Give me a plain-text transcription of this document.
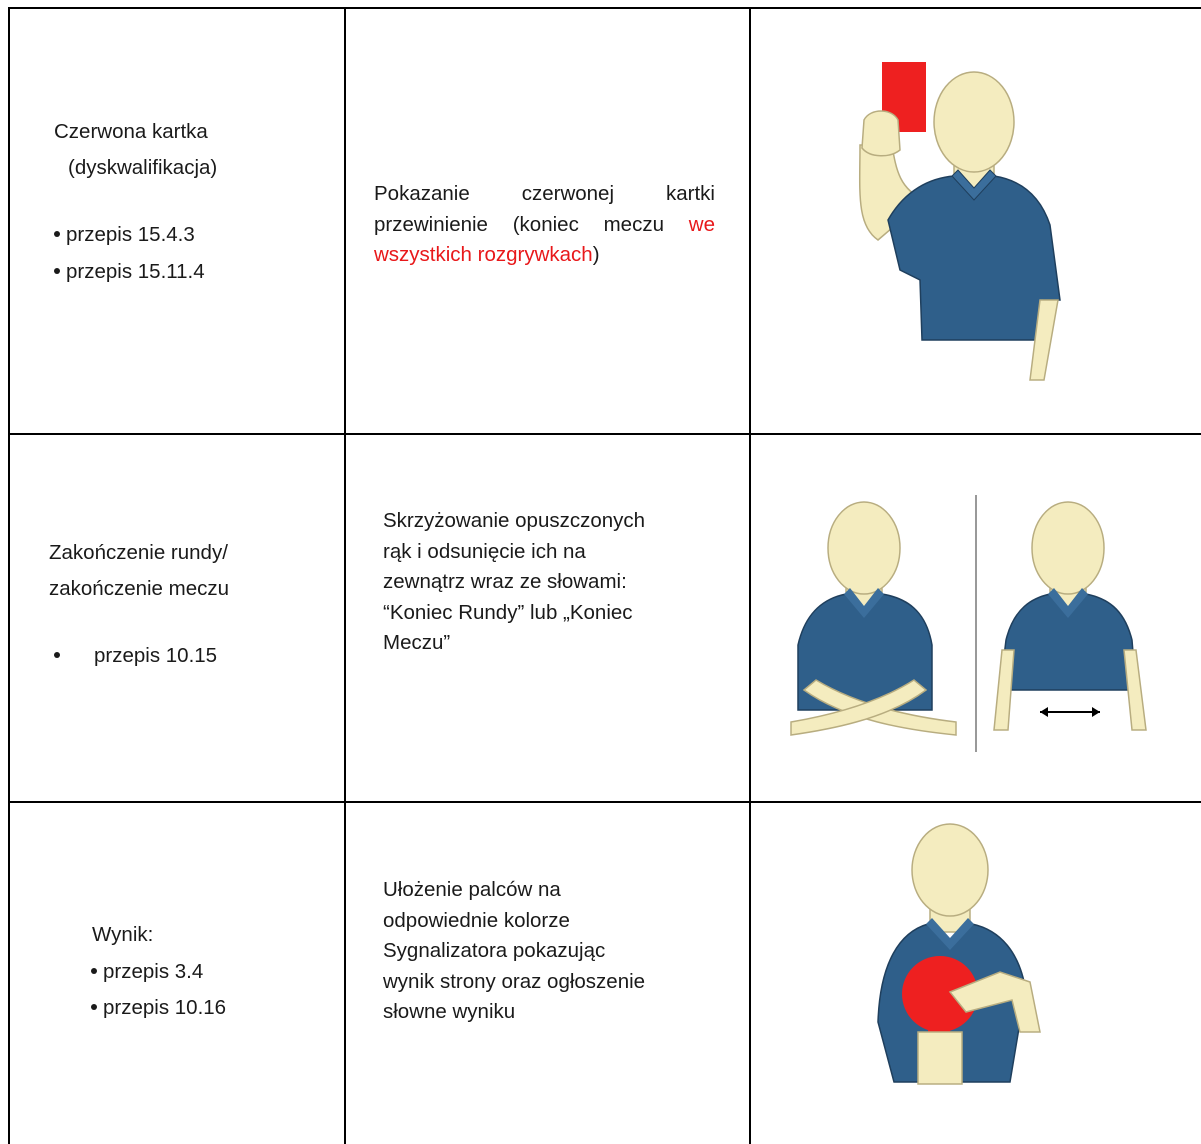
Czerwona kartka
(dyskwalifikacja)
przepis 15.4.3
przepis 15.11.4
Pokazanie czerwonej kartki przewinienie (koniec meczu we wszystkich rozgrywkach)
Zakończenie rundy/
zakończenie meczu
przepis 10.15
Skrzyżowanie opuszczonych
rąk i odsunięcie ich na
zewnątrz wraz ze słowami:
“Koniec Rundy” lub „Koniec
Meczu”
Wynik:
przepis 3.4
przepis 10.16
Ułożenie palców na
odpowiednie kolorze
Sygnalizatora pokazując
wynik strony oraz ogłoszenie
słowne wyniku
